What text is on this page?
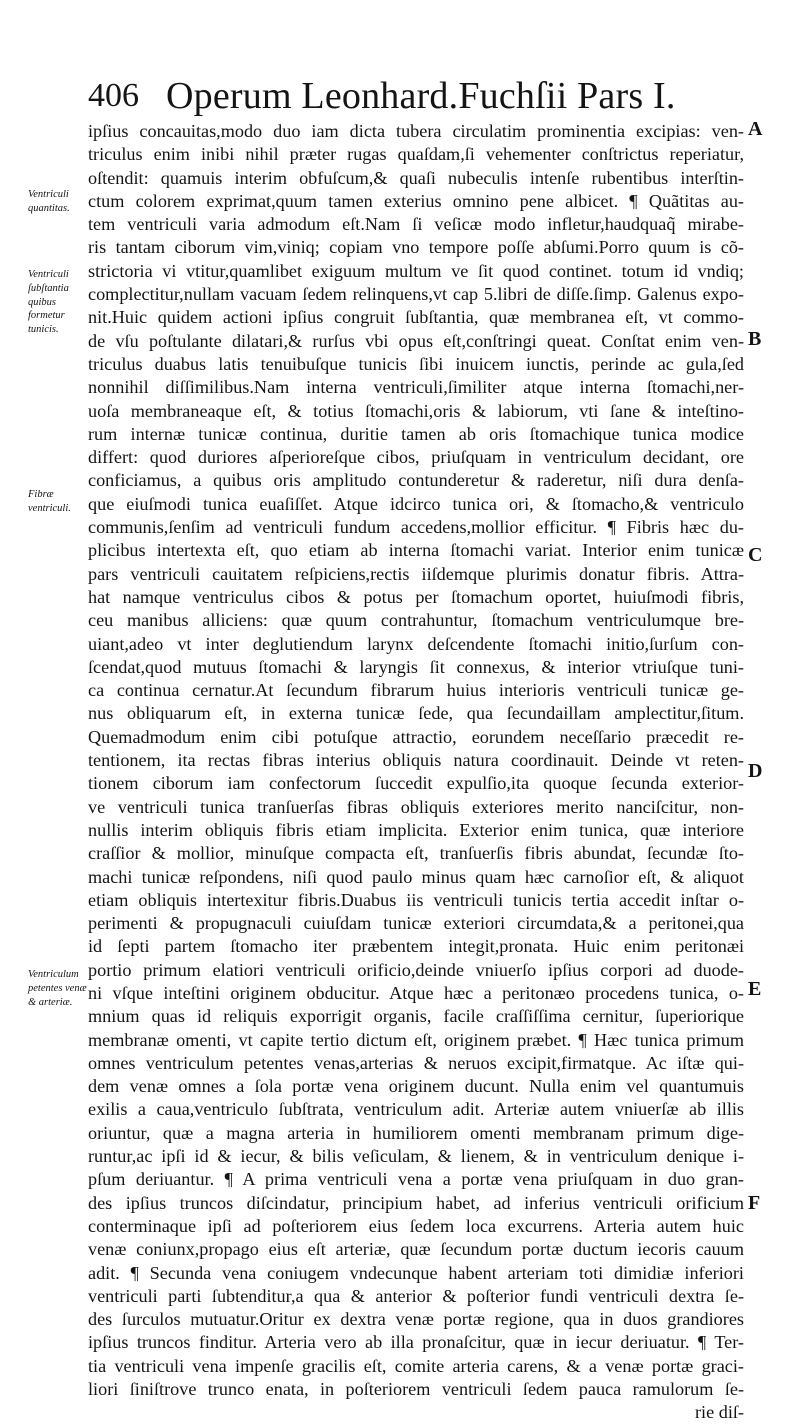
406 Operum Leonhard.Fuchſii Pars I.
ipſius concauitas,modo duo iam dicta tubera circulatim prominentia excipias: ven-
triculus enim inibi nihil præter rugas quaſdam,ſi vehementer conſtrictus reperiatur,
oſtendit: quamuis interim obfuſcum,& quaſi nubeculis intenſe rubentibus interſtin-
ctum colorem exprimat,quum tamen exterius omnino pene albicet. ¶ Quãtitas au-
tem ventriculi varia admodum eſt.Nam ſi veſicæ modo infletur,haudquaq̃ mirabe-
ris tantam ciborum vim,viniq; copiam vno tempore poſſe abſumi.Porro quum is cõ-
strictoria vi vtitur,quamlibet exiguum multum ve ſit quod continet. totum id vndiq;
complectitur,nullam vacuam ſedem relinquens,vt cap 5.libri de diſſe.ſimp. Galenus expo-
nit.Huic quidem actioni ipſius congruit ſubſtantia, quæ membranea eſt, vt commo-
de vſu poſtulante dilatari,& rurſus vbi opus eſt,conſtringi queat. Conſtat enim ven-
triculus duabus latis tenuibuſque tunicis ſibi inuicem iunctis, perinde ac gula,ſed
nonnihil diſſimilibus.Nam interna ventriculi,ſimiliter atque interna ſtomachi,ner-
uoſa membraneaque eſt, & totius ſtomachi,oris & labiorum, vti ſane & inteſtino-
rum internæ tunicæ continua, duritie tamen ab oris ſtomachique tunica modice
differt: quod duriores aſperioreſque cibos, priuſquam in ventriculum decidant, ore
conficiamus, a quibus oris amplitudo contunderetur & raderetur, niſi dura denſa-
que eiuſmodi tunica euaſiſſet. Atque idcirco tunica ori, & ſtomacho,& ventriculo
communis,ſenſim ad ventriculi fundum accedens,mollior efficitur. ¶ Fibris hæc du-
plicibus intertexta eſt, quo etiam ab interna ſtomachi variat. Interior enim tunicæ
pars ventriculi cauitatem reſpiciens,rectis iiſdemque plurimis donatur fibris. Attra-
hat namque ventriculus cibos & potus per ſtomachum oportet, huiuſmodi fibris,
ceu manibus alliciens: quæ quum contrahuntur, ſtomachum ventriculumque bre-
uiant,adeo vt inter deglutiendum larynx deſcendente ſtomachi initio,ſurſum con-
ſcendat,quod mutuus ſtomachi & laryngis ſit connexus, & interior vtriuſque tuni-
ca continua cernatur.At ſecundum fibrarum huius interioris ventriculi tunicæ ge-
nus obliquarum eſt, in externa tunicæ ſede, qua ſecundaillam amplectitur,ſitum.
Quemadmodum enim cibi potuſque attractio, eorundem neceſſario præcedit re-
tentionem, ita rectas fibras interius obliquis natura coordinauit. Deinde vt reten-
tionem ciborum iam confectorum ſuccedit expulſio,ita quoque ſecunda exterior-
ve ventriculi tunica tranſuerſas fibras obliquis exteriores merito nanciſcitur, non-
nullis interim obliquis fibris etiam implicita. Exterior enim tunica, quæ interiore
craſſior & mollior, minuſque compacta eſt, tranſuerſis fibris abundat, ſecundæ ſto-
machi tunicæ reſpondens, niſi quod paulo minus quam hæc carnoſior eſt, & aliquot
etiam obliquis intertexitur fibris.Duabus iis ventriculi tunicis tertia accedit inſtar o-
perimenti & propugnaculi cuiuſdam tunicæ exteriori circumdata,& a peritonei,qua
id ſepti partem ſtomacho iter præbentem integit,pronata. Huic enim peritonæi
portio primum elatiori ventriculi orificio,deinde vniuerſo ipſius corpori ad duode-
ni vſque inteſtini originem obducitur. Atque hæc a peritonæo procedens tunica, o-
mnium quas id reliquis exporrigit organis, facile craſſiſſima cernitur, ſuperiorique
membranæ omenti, vt capite tertio dictum eſt, originem præbet. ¶ Hæc tunica primum
omnes ventriculum petentes venas,arterias & neruos excipit,firmatque. Ac iſtæ qui-
dem venæ omnes a ſola portæ vena originem ducunt. Nulla enim vel quantumuis
exilis a caua,ventriculo ſubſtrata, ventriculum adit. Arteriæ autem vniuerſæ ab illis
oriuntur, quæ a magna arteria in humiliorem omenti membranam primum dige-
runtur,ac ipſi id & iecur, & bilis veſiculam, & lienem, & in ventriculum denique i-
pſum deriuantur. ¶ A prima ventriculi vena a portæ vena priuſquam in duo gran-
des ipſius truncos diſcindatur, principium habet, ad inferius ventriculi orificium
conterminaque ipſi ad poſteriorem eius ſedem loca excurrens. Arteria autem huic
venæ coniunx,propago eius eſt arteriæ, quæ ſecundum portæ ductum iecoris cauum
adit. ¶ Secunda vena coniugem vndecunque habent arteriam toti dimidiæ inferiori
ventriculi parti ſubtenditur,a qua & anterior & poſterior fundi ventriculi dextra ſe-
des ſurculos mutuatur.Oritur ex dextra venæ portæ regione, qua in duos grandiores
ipſius truncos finditur. Arteria vero ab illa pronaſcitur, quæ in iecur deriuatur. ¶ Ter-
tia ventriculi vena impenſe gracilis eſt, comite arteria carens, & a venæ portæ graci-
liori ſiniſtrove trunco enata, in poſteriorem ventriculi ſedem pauca ramulorum ſe-
rie diſ-
Ventriculi quantitas.
Ventriculi ſubſtantia quibus formetur tunicis.
Fibræ ventriculi.
Ventriculum petentes venæ & arteriæ.
A
B
C
D
E
F
